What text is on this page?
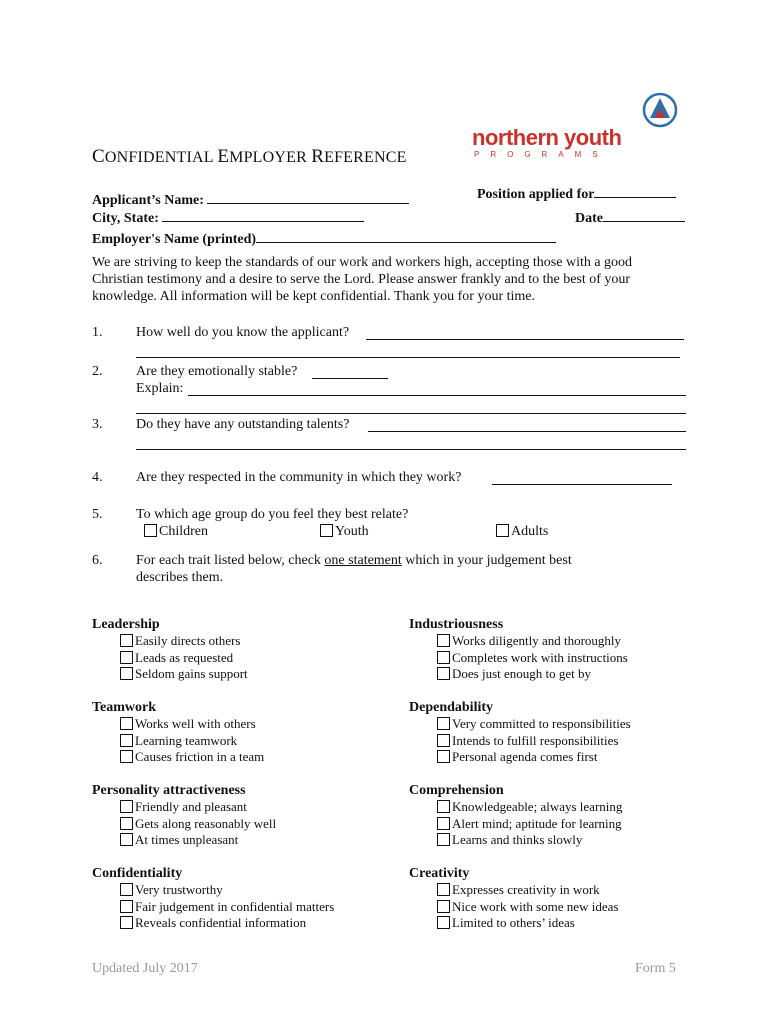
northern youth
PROGRAMS
CONFIDENTIAL EMPLOYER REFERENCE
Applicant’s Name:
City, State:
Employer's Name (printed)
Position applied for
Date
We are striving to keep the standards of our work and workers high, accepting those with a good
Christian testimony and a desire to serve the Lord. Please answer frankly and to the best of your
knowledge. All information will be kept confidential. Thank you for your time.
1. How well do you know the applicant?
2. Are they emotionally stable?
Explain:
3. Do they have any outstanding talents?
4. Are they respected in the community in which they work?
5. To which age group do you feel they best relate?
Children	Youth	Adults
6. For each trait listed below, check one statement which in your judgement best
describes them.
Leadership
Easily directs others
Leads as requested
Seldom gains support
Industriousness
Works diligently and thoroughly
Completes work with instructions
Does just enough to get by
Teamwork
Works well with others
Learning teamwork
Causes friction in a team
Dependability
Very committed to responsibilities
Intends to fulfill responsibilities
Personal agenda comes first
Personality attractiveness
Friendly and pleasant
Gets along reasonably well
At times unpleasant
Comprehension
Knowledgeable; always learning
Alert mind; aptitude for learning
Learns and thinks slowly
Confidentiality
Very trustworthy
Fair judgement in confidential matters
Reveals confidential information
Creativity
Expresses creativity in work
Nice work with some new ideas
Limited to others’ ideas
Updated July 2017	Form 5
